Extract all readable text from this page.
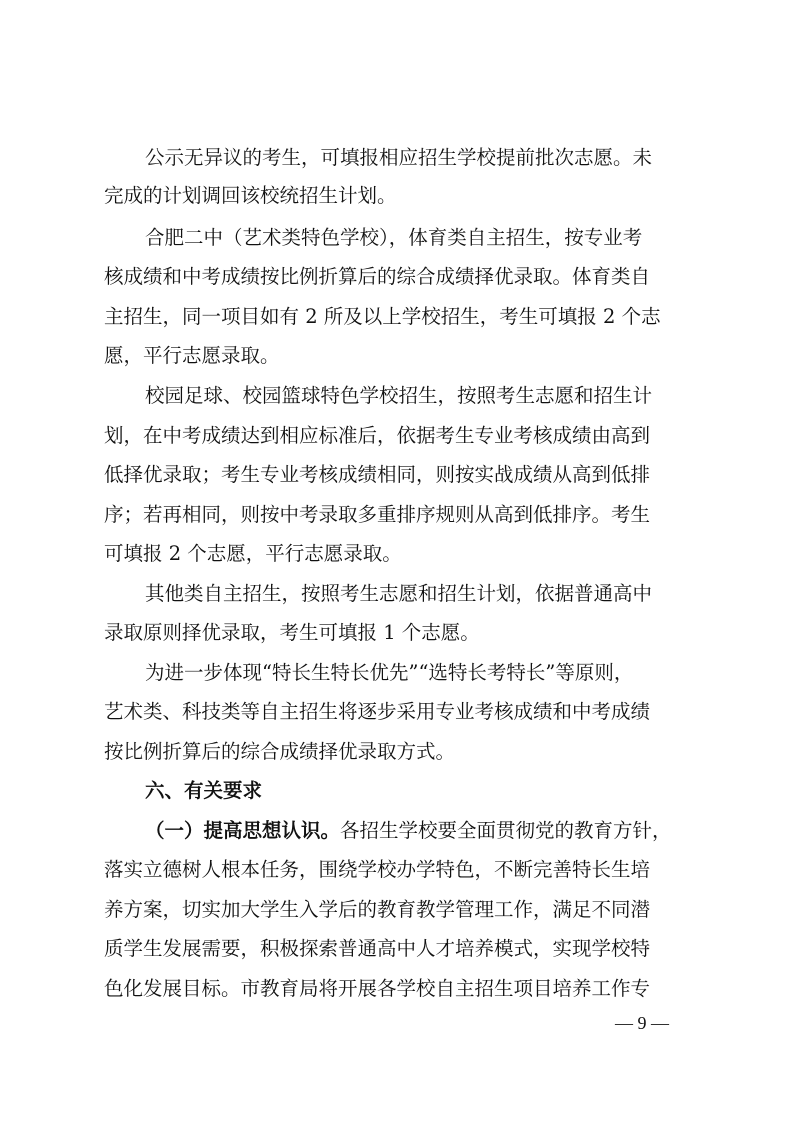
公示无异议的考生，可填报相应招生学校提前批次志愿。未
完成的计划调回该校统招生计划。
合肥二中（艺术类特色学校），体育类自主招生，按专业考
核成绩和中考成绩按比例折算后的综合成绩择优录取。体育类自
主招生，同一项目如有 2 所及以上学校招生，考生可填报 2 个志
愿，平行志愿录取。
校园足球、校园篮球特色学校招生，按照考生志愿和招生计
划，在中考成绩达到相应标准后，依据考生专业考核成绩由高到
低择优录取；考生专业考核成绩相同，则按实战成绩从高到低排
序；若再相同，则按中考录取多重排序规则从高到低排序。考生
可填报 2 个志愿，平行志愿录取。
其他类自主招生，按照考生志愿和招生计划，依据普通高中
录取原则择优录取，考生可填报 1 个志愿。
为进一步体现“特长生特长优先”“选特长考特长”等原则，
艺术类、科技类等自主招生将逐步采用专业考核成绩和中考成绩
按比例折算后的综合成绩择优录取方式。
六、有关要求
（一）提高思想认识。各招生学校要全面贯彻党的教育方针，
落实立德树人根本任务，围绕学校办学特色，不断完善特长生培
养方案，切实加大学生入学后的教育教学管理工作，满足不同潜
质学生发展需要，积极探索普通高中人才培养模式，实现学校特
色化发展目标。市教育局将开展各学校自主招生项目培养工作专
— 9 —
